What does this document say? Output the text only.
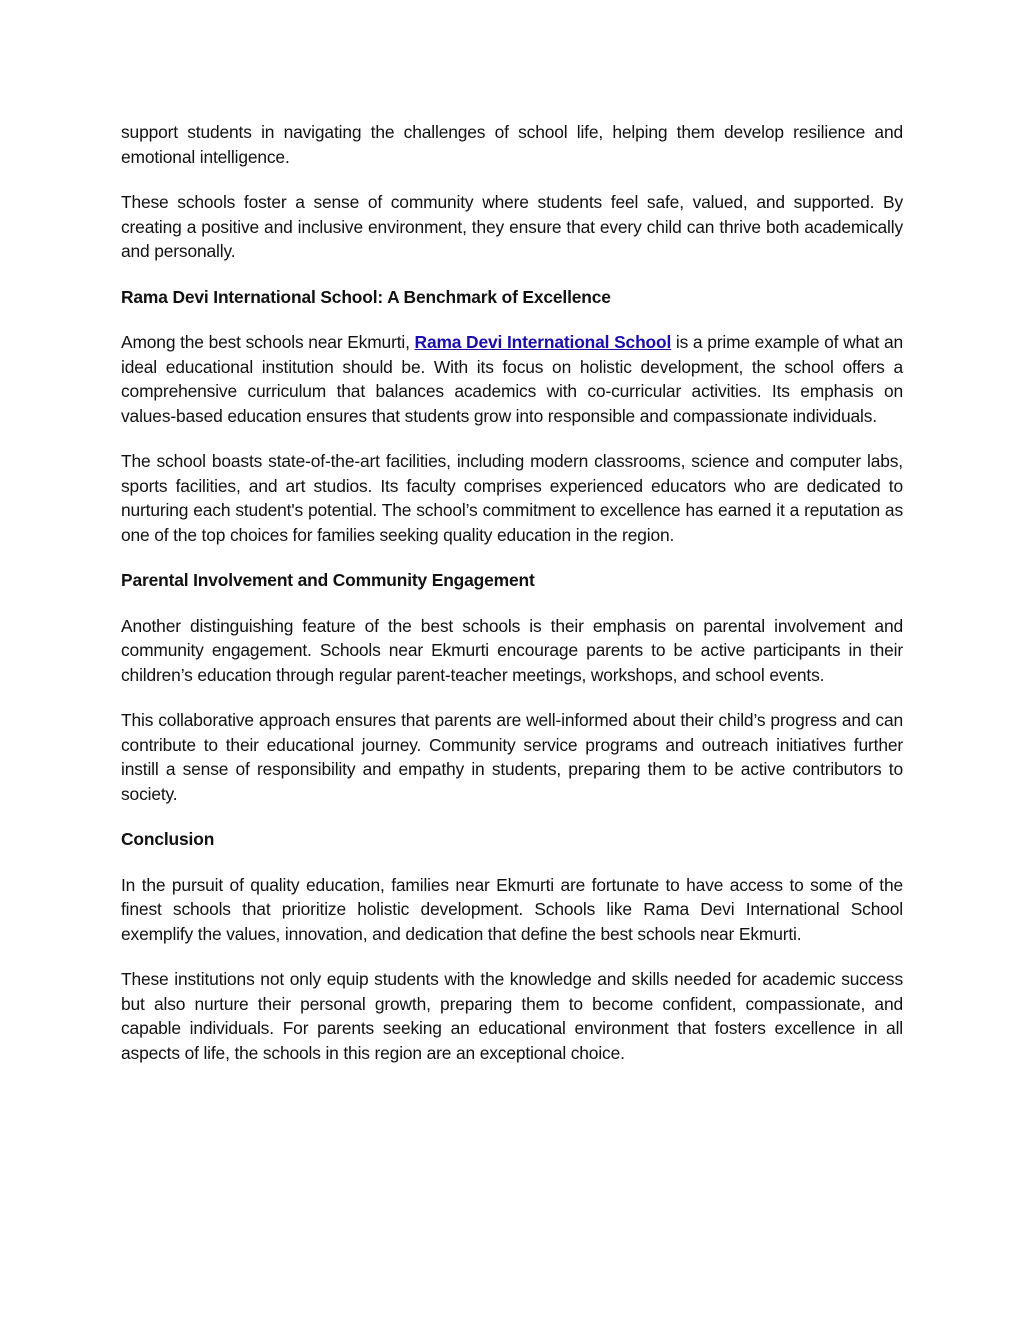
support students in navigating the challenges of school life, helping them develop resilience and emotional intelligence.

These schools foster a sense of community where students feel safe, valued, and supported. By creating a positive and inclusive environment, they ensure that every child can thrive both academically and personally.

Rama Devi International School: A Benchmark of Excellence

Among the best schools near Ekmurti, Rama Devi International School is a prime example of what an ideal educational institution should be. With its focus on holistic development, the school offers a comprehensive curriculum that balances academics with co-curricular activities. Its emphasis on values-based education ensures that students grow into responsible and compassionate individuals.

The school boasts state-of-the-art facilities, including modern classrooms, science and computer labs, sports facilities, and art studios. Its faculty comprises experienced educators who are dedicated to nurturing each student's potential. The school’s commitment to excellence has earned it a reputation as one of the top choices for families seeking quality education in the region.

Parental Involvement and Community Engagement

Another distinguishing feature of the best schools is their emphasis on parental involvement and community engagement. Schools near Ekmurti encourage parents to be active participants in their children’s education through regular parent-teacher meetings, workshops, and school events.

This collaborative approach ensures that parents are well-informed about their child’s progress and can contribute to their educational journey. Community service programs and outreach initiatives further instill a sense of responsibility and empathy in students, preparing them to be active contributors to society.

Conclusion

In the pursuit of quality education, families near Ekmurti are fortunate to have access to some of the finest schools that prioritize holistic development. Schools like Rama Devi International School exemplify the values, innovation, and dedication that define the best schools near Ekmurti.

These institutions not only equip students with the knowledge and skills needed for academic success but also nurture their personal growth, preparing them to become confident, compassionate, and capable individuals. For parents seeking an educational environment that fosters excellence in all aspects of life, the schools in this region are an exceptional choice.
